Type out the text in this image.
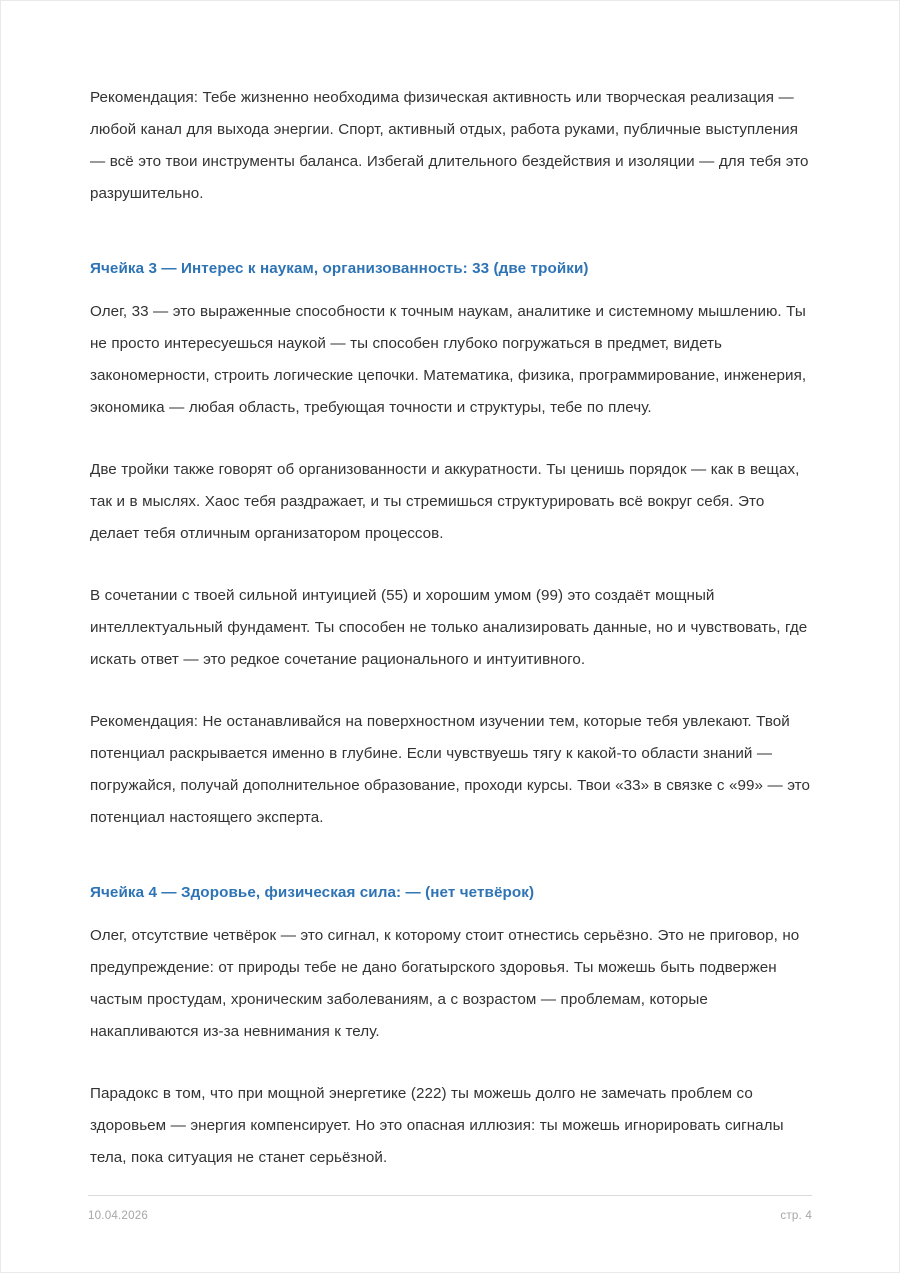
Рекомендация: Тебе жизненно необходима физическая активность или творческая реализация — любой канал для выхода энергии. Спорт, активный отдых, работа руками, публичные выступления — всё это твои инструменты баланса. Избегай длительного бездействия и изоляции — для тебя это разрушительно.

Ячейка 3 — Интерес к наукам, организованность: 33 (две тройки)

Олег, 33 — это выраженные способности к точным наукам, аналитике и системному мышлению. Ты не просто интересуешься наукой — ты способен глубоко погружаться в предмет, видеть закономерности, строить логические цепочки. Математика, физика, программирование, инженерия, экономика — любая область, требующая точности и структуры, тебе по плечу.

Две тройки также говорят об организованности и аккуратности. Ты ценишь порядок — как в вещах, так и в мыслях. Хаос тебя раздражает, и ты стремишься структурировать всё вокруг себя. Это делает тебя отличным организатором процессов.

В сочетании с твоей сильной интуицией (55) и хорошим умом (99) это создаёт мощный интеллектуальный фундамент. Ты способен не только анализировать данные, но и чувствовать, где искать ответ — это редкое сочетание рационального и интуитивного.

Рекомендация: Не останавливайся на поверхностном изучении тем, которые тебя увлекают. Твой потенциал раскрывается именно в глубине. Если чувствуешь тягу к какой-то области знаний — погружайся, получай дополнительное образование, проходи курсы. Твои «33» в связке с «99» — это потенциал настоящего эксперта.

Ячейка 4 — Здоровье, физическая сила: — (нет четвёрок)

Олег, отсутствие четвёрок — это сигнал, к которому стоит отнестись серьёзно. Это не приговор, но предупреждение: от природы тебе не дано богатырского здоровья. Ты можешь быть подвержен частым простудам, хроническим заболеваниям, а с возрастом — проблемам, которые накапливаются из-за невнимания к телу.

Парадокс в том, что при мощной энергетике (222) ты можешь долго не замечать проблем со здоровьем — энергия компенсирует. Но это опасная иллюзия: ты можешь игнорировать сигналы тела, пока ситуация не станет серьёзной.

10.04.2026	стр. 4
